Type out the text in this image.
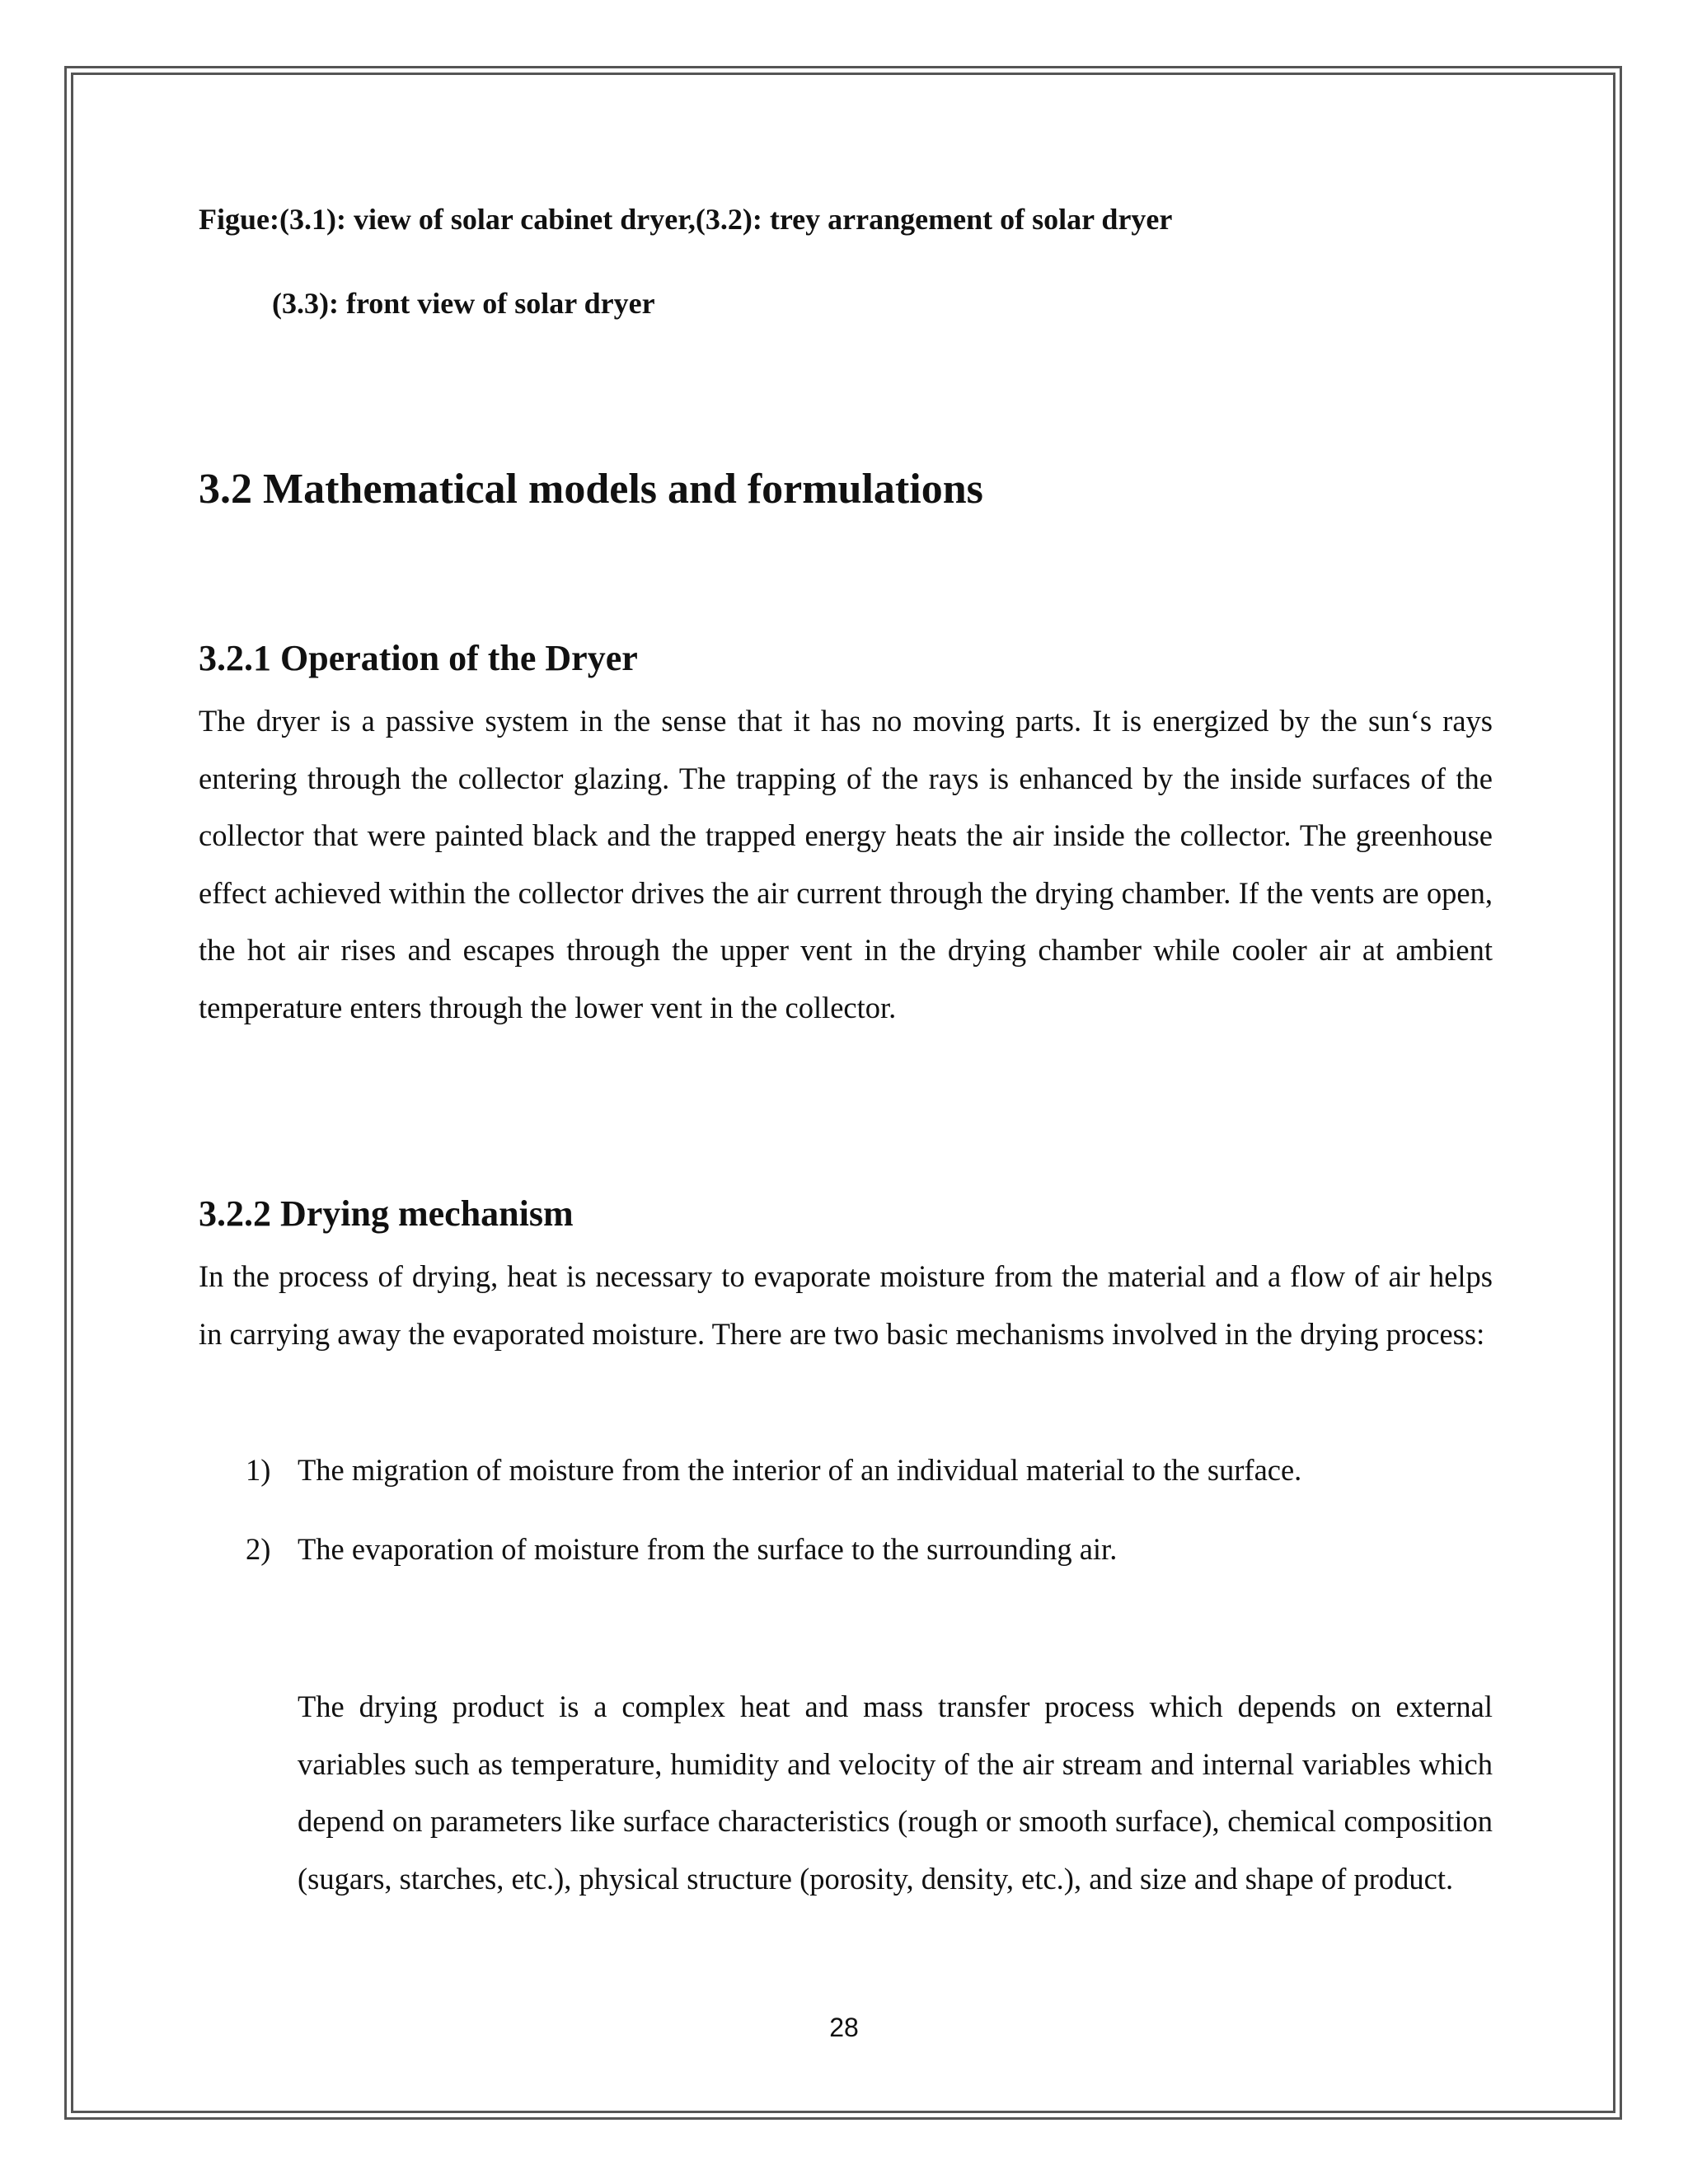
Figue:(3.1): view of solar cabinet dryer,(3.2): trey arrangement of solar dryer
(3.3): front view of solar dryer
3.2 Mathematical models and formulations
3.2.1 Operation of the Dryer

The dryer is a passive system in the sense that it has no moving parts. It is energized by the sun‘s rays entering through the collector glazing. The trapping of the rays is enhanced by the inside surfaces of the collector that were painted black and the trapped energy heats the air inside the collector. The greenhouse effect achieved within the collector drives the air current through the drying chamber. If the vents are open, the hot air rises and escapes through the upper vent in the drying chamber while cooler air at ambient temperature enters through the lower vent in the collector.

3.2.2 Drying mechanism

In the process of drying, heat is necessary to evaporate moisture from the material and a flow of air helps in carrying away the evaporated moisture. There are two basic mechanisms involved in the drying process:

1) The migration of moisture from the interior of an individual material to the surface.
2) The evaporation of moisture from the surface to the surrounding air.

The drying product is a complex heat and mass transfer process which depends on external variables such as temperature, humidity and velocity of the air stream and internal variables which depend on parameters like surface characteristics (rough or smooth surface), chemical composition (sugars, starches, etc.), physical structure (porosity, density, etc.), and size and shape of product.

28
